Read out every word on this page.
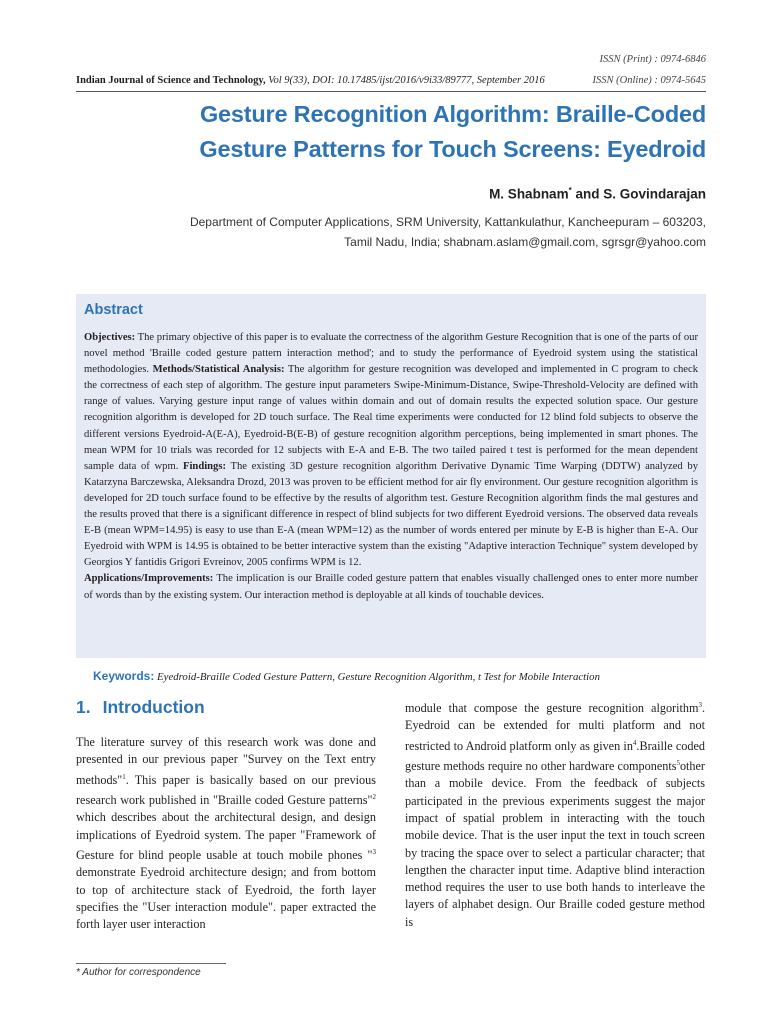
ISSN (Print) : 0974-6846
ISSN (Online) : 0974-5645
Indian Journal of Science and Technology, Vol 9(33), DOI: 10.17485/ijst/2016/v9i33/89777, September 2016
Gesture Recognition Algorithm: Braille-Coded
Gesture Patterns for Touch Screens: Eyedroid
M. Shabnam* and S. Govindarajan
Department of Computer Applications, SRM University, Kattankulathur, Kancheepuram – 603203,
Tamil Nadu, India; shabnam.aslam@gmail.com, sgrsgr@yahoo.com
Abstract
Objectives: The primary objective of this paper is to evaluate the correctness of the algorithm Gesture Recognition that is one of the parts of our novel method 'Braille coded gesture pattern interaction method'; and to study the performance of Eyedroid system using the statistical methodologies. Methods/Statistical Analysis: The algorithm for gesture recognition was developed and implemented in C program to check the correctness of each step of algorithm. The gesture input parameters Swipe-Minimum-Distance, Swipe-Threshold-Velocity are defined with range of values. Varying gesture input range of values within domain and out of domain results the expected solution space. Our gesture recognition algorithm is developed for 2D touch surface. The Real time experiments were conducted for 12 blind fold subjects to observe the different versions Eyedroid-A(E-A), Eyedroid-B(E-B) of gesture recognition algorithm perceptions, being implemented in smart phones. The mean WPM for 10 trials was recorded for 12 subjects with E-A and E-B. The two tailed paired t test is performed for the mean dependent sample data of wpm. Findings: The existing 3D gesture recognition algorithm Derivative Dynamic Time Warping (DDTW) analyzed by Katarzyna Barczewska, Aleksandra Drozd, 2013 was proven to be efficient method for air fly environment. Our gesture recognition algorithm is developed for 2D touch surface found to be effective by the results of algorithm test. Gesture Recognition algorithm finds the mal gestures and the results proved that there is a significant difference in respect of blind subjects for two different Eyedroid versions. The observed data reveals E-B (mean WPM=14.95) is easy to use than E-A (mean WPM=12) as the number of words entered per minute by E-B is higher than E-A. Our Eyedroid with WPM is 14.95 is obtained to be better interactive system than the existing "Adaptive interaction Technique" system developed by Georgios Y fantidis Grigori Evreinov, 2005 confirms WPM is 12.
Applications/Improvements: The implication is our Braille coded gesture pattern that enables visually challenged ones to enter more number of words than by the existing system. Our interaction method is deployable at all kinds of touchable devices.
Keywords: Eyedroid-Braille Coded Gesture Pattern, Gesture Recognition Algorithm, t Test for Mobile Interaction
1. Introduction
The literature survey of this research work was done and presented in our previous paper "Survey on the Text entry methods"$^1$. This paper is basically based on our previous research work published in "Braille coded Gesture patterns"$^2$ which describes about the architectural design, and design implications of Eyedroid system. The paper "Framework of Gesture for blind people usable at touch mobile phones "$^3$ demonstrate Eyedroid architecture design; and from bottom to top of architecture stack of Eyedroid, the forth layer specifies the "User interaction module". paper extracted the forth layer user interaction
module that compose the gesture recognition algorithm$^3$. Eyedroid can be extended for multi platform and not restricted to Android platform only as given $in^4.Braille$ coded gesture methods require no other hardware components$^5$other than a mobile device. From the feedback of subjects participated in the previous experiments suggest the major impact of spatial problem in interacting with the touch mobile device. That is the user input the text in touch screen by tracing the space over to select a particular character; that lengthen the character input time. Adaptive blind interaction method requires the user to use both hands to interleave the layers of alphabet design. Our Braille coded gesture method is
* Author for correspondence
